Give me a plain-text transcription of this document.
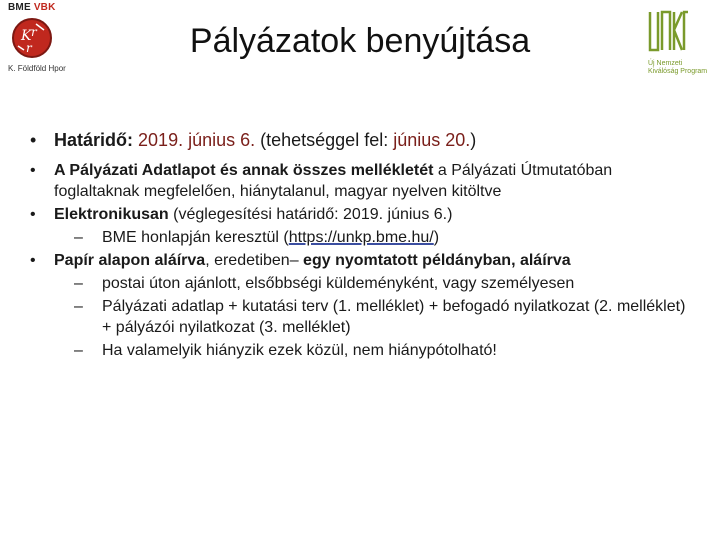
BME VBK
K r
r
K. Földföld Hpor
Pályázatok benyújtása
Új Nemzeti
Kiválóság Program
• Határidő: 2019. június 6. (tehetséggel fel: június 20.)
• A Pályázati Adatlapot és annak összes mellékletét a Pályázati Útmutatóban foglaltaknak megfelelően, hiánytalanul, magyar nyelven kitöltve
• Elektronikusan (véglegesítési határidő: 2019. június 6.)
– BME honlapján keresztül (https://unkp.bme.hu/)
• Papír alapon aláírva, eredetiben– egy nyomtatott példányban, aláírva
– postai úton ajánlott, elsőbbségi küldeményként, vagy személyesen
– Pályázati adatlap + kutatási terv (1. melléklet) + befogadó nyilatkozat (2. melléklet) + pályázói nyilatkozat (3. melléklet)
– Ha valamelyik hiányzik ezek közül, nem hiánypótolható!
